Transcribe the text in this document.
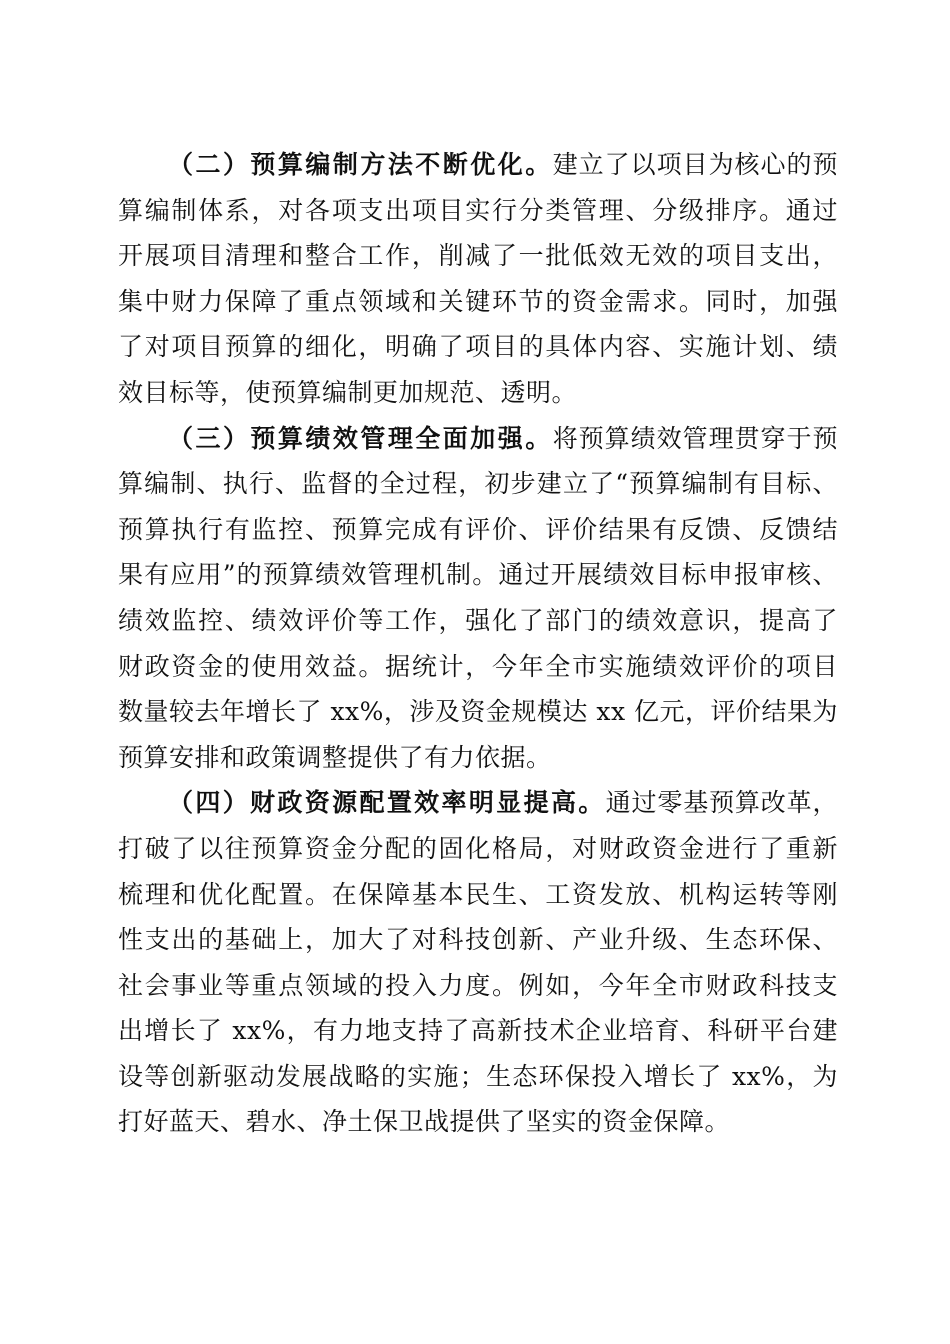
（二）预算编制方法不断优化。建立了以项目为核心的预
算编制体系，对各项支出项目实行分类管理、分级排序。通过
开展项目清理和整合工作，削减了一批低效无效的项目支出，
集中财力保障了重点领域和关键环节的资金需求。同时，加强
了对项目预算的细化，明确了项目的具体内容、实施计划、绩
效目标等，使预算编制更加规范、透明。
（三）预算绩效管理全面加强。将预算绩效管理贯穿于预
算编制、执行、监督的全过程，初步建立了“预算编制有目标、
预算执行有监控、预算完成有评价、评价结果有反馈、反馈结
果有应用”的预算绩效管理机制。通过开展绩效目标申报审核、
绩效监控、绩效评价等工作，强化了部门的绩效意识，提高了
财政资金的使用效益。据统计，今年全市实施绩效评价的项目
数量较去年增长了 xx%，涉及资金规模达 xx 亿元，评价结果为
预算安排和政策调整提供了有力依据。
（四）财政资源配置效率明显提高。通过零基预算改革，
打破了以往预算资金分配的固化格局，对财政资金进行了重新
梳理和优化配置。在保障基本民生、工资发放、机构运转等刚
性支出的基础上，加大了对科技创新、产业升级、生态环保、
社会事业等重点领域的投入力度。例如，今年全市财政科技支
出增长了 xx%，有力地支持了高新技术企业培育、科研平台建
设等创新驱动发展战略的实施；生态环保投入增长了 xx%，为
打好蓝天、碧水、净土保卫战提供了坚实的资金保障。
